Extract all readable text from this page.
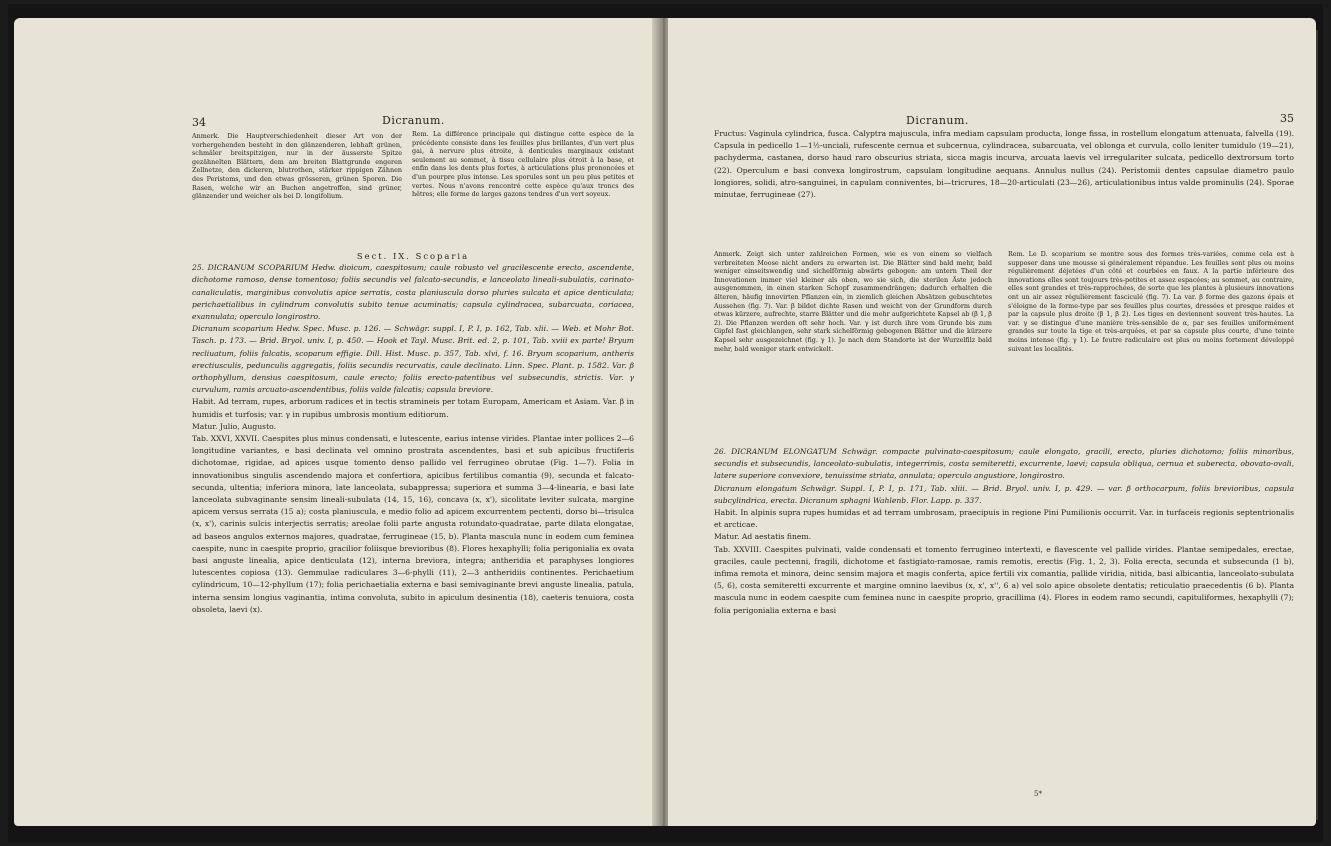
34	Dicranum.

Anmerk. Die Hauptverschiedenheit dieser Art von der vorhergehenden besteht in den glänzenderen, lebhaft grünen, schmäler breitspitzigen, nur in der äusserste Spitze gezähnelten Blättern, dem am breiten Blattgrunde engeren Zellnetze, den dickeren, blutrothen, stärker rippigen Zähnen des Peristoms, und den etwas grösseren, grünen Sporen. Die Rasen, welche wir an Buchen angetroffen, sind grüner, glänzender und weicher als bei D. longifolium.

Rem. La différence principale qui distingue cette espèce de la précédente consiste dans les feuilles plus brillantes, d'un vert plus gai, à nervure plus étroite, à denticules marginaux existant seulement au sommet, à tissu cellulaire plus étroit à la base, et enfin dans les dents plus fortes, à articulations plus prononcées et d'un pourpre plus intense. Les sporules sont un peu plus petites et vertes. Nous n'avons rencontré cette espèce qu'aux troncs des hêtres; elle forme de larges gazons tendres d'un vert soyeux.

Sect. IX. Scoparia

25. DICRANUM SCOPARIUM Hedw. dioicum, caespitosum; caule robusto vel gracilescente erecto, ascendente, dichotome ramoso, dense tomentoso; foliis secundis vel falcato-secundis, e lanceolato lineali-subulatis, carinato-canaliculatis, marginibus convolutis apice serratis, costa planiuscula dorso pluries sulcata et apice denticulata; perichaetialibus in cylindrum convolutis subito tenue acuminatis; capsula cylindracea, subarcuata, coriacea, exannulata; operculo longirostro.

Dicranum scoparium Hedw. Spec. Musc. p. 126. — Schwägr. suppl. I, P. I, p. 162, Tab. xlii. — Web. et Mohr Bot. Tasch. p. 173. — Brid. Bryol. univ. I, p. 450. — Hook et Tayl. Musc. Brit. ed. 2, p. 101, Tab. xviii ex parte! Bryum recliuatum, foliis falcatis, scoparum effigie. Dill. Hist. Musc. p. 357, Tab. xlvi, f. 16. Bryum scoparium, antheris erectiusculis, pedunculis aggregatis, foliis secundis recurvatis, caule declinato. Linn. Spec. Plant. p. 1582. Var. β orthophyllum, densius caespitosum, caule erecto; foliis erecto-patentibus vel subsecundis, strictis. Var. γ curvulum, ramis arcuato-ascendentibus, foliis valde falcatis; capsula breviore.

Habit. Ad terram, rupes, arborum radices et in tectis stramineis per totam Europam, Americam et Asiam. Var. β in humidis et turfosis; var. γ in rupibus umbrosis montium editiorum.

Matur. Julio, Augusto.

Tab. XXVI, XXVII. Caespites plus minus condensati, e lutescente, earius intense virides. Plantae inter pollices 2—6 longitudine variantes, e basi declinata vel omnino prostrata ascendentes, basi et sub apicibus fructiferis dichotomae, rigidae, ad apices usque tomento denso pallido vel ferrugineo obrutae (Fig. 1—7). Folia in innovationibus singulis ascendendo majora et confertiora, apicibus fertilibus comantia (9), secunda et falcato-secunda, ultentia; inferiora minora, late lanceolata, subappressa; superiora et summa 3—4-linearia, e basi late lanceolata subvaginante sensim lineali-subulata (14, 15, 16), concava (x, x'), sicolitate leviter sulcata, margine apicem versus serrata (15 a); costa planiuscula, e medio folio ad apicem excurrentem pectenti, dorso bi—trisulca (x, x'), carinis sulcis interjectis serratis; areolae folii parte angusta rotundato-quadratae, parte dilata elongatae, ad baseos angulos externos majores, quadratae, ferrugineae (15, b). Planta mascula nunc in eodem cum feminea caespite, nunc in caespite proprio, gracilior foliisque brevioribus (8). Flores hexaphylli; folia perigonialia ex ovata basi anguste linealia, apice denticulata (12), interna breviora, integra; antheridia et paraphyses longiores lutescentes copiosa (13). Gemmulae radiculares 3—6-phylli (11), 2—3 antheridiis continentes. Perichaetium cylindricum, 10—12-phyllum (17); folia perichaetialia externa e basi semivaginante brevi anguste linealia, patula, interna sensim longius vaginantia, intima convoluta, subito in apiculum desinentia (18), caeteris tenuiora, costa obsoleta, laevi (x).

Dicranum.	35

Fructus: Vaginula cylindrica, fusca. Calyptra majuscula, infra mediam capsulam producta, longe fissa, in rostellum elongatum attenuata, falvella (19). Capsula in pedicello 1—1½-unciali, rufescente cernua et subcernua, cylindracea, subarcuata, vel oblonga et curvula, collo leniter tumidulo (19—21), pachyderma, castanea, dorso haud raro obscurius striata, sicca magis incurva, arcuata laevis vel irregulariter sulcata, pedicello dextrorsum torto (22). Operculum e basi convexa longirostrum, capsulam longitudine aequans. Annulus nullus (24). Peristomii dentes capsulae diametro paulo longiores, solidi, atro-sanguinei, in capulam conniventes, bi—tricrures, 18—20-articulati (23—26), articulationibus intus valde prominulis (24). Sporae minutae, ferrugineae (27).

Anmerk. Zeigt sich unter zahlreichen Formen, wie es von einem so vielfach verbreiteten Moose nicht anders zu erwarten ist. Die Blätter sind bald mehr, bald weniger einseitswendig und sichelförmig abwärts gebogen: am untern Theil der Innovationen immer viel kleiner als oben, wo sie sich, die sterilen Äste jedoch ausgenommen, in einen starken Schopf zusammendrängen; dadurch erhalten die älteren, häufig innovirten Pflanzen ein, in ziemlich gleichen Absätzen gebuschtetes Aussehen (fig. 7). Var. β bildet dichte Rasen und weicht von der Grundform durch etwas kürzere, aufrechte, starre Blätter und die mehr aufgerichtete Kapsel ab (β 1, β 2). Die Pflanzen werden oft sehr hoch. Var. γ ist durch ihre vom Grunde bis zum Gipfel fast gleichlangen, sehr stark sichelförmig gebogenen Blätter und die kürzere Kapsel sehr ausgezeichnet (fig. γ 1). Je nach dem Standorte ist der Wurzelfilz bald mehr, bald weniger stark entwickelt.

Rem. Le D. scoparium se montre sous des formes très-variées, comme cela est à supposer dans une mousse si généralement répandue. Les feuilles sont plus ou moins régulièrement déjetées d'un côté et courbées en faux. A la partie inférieure des innovations elles sont toujours très-petites et assez espacées; au sommet, au contraire, elles sont grandes et très-rapprochées, de sorte que les plantes à plusieurs innovations ont un air assez régulièrement fasciculé (fig. 7). La var. β forme des gazons épais et s'éloigne de la forme-type par ses feuilles plus courtes, dressées et presque raides et par la capsule plus droite (β 1, β 2). Les tiges en deviennent souvent très-hautes. La var. γ se distingue d'une manière très-sensible de α, par ses feuilles uniformément grandes sur toute la tige et très-arquées, et par sa capsule plus courte, d'une teinte moins intense (fig. γ 1). Le feutre radiculaire est plus ou moins fortement développé suivant les localités.

26. DICRANUM ELONGATUM Schwägr. compacte pulvinato-caespitosum; caule elongato, gracili, erecto, pluries dichotomo; foliis minoribus, secundis et subsecundis, lanceolato-subulatis, integerrimis, costa semiteretti, excurrente, laevi; capsula obliqua, cernua et suberecta, obovato-ovali, latere superiore convexiore, tenuissime striata, annulata; operculo angustiore, longirostro.

Dicranum elongatum Schwägr. Suppl. I, P. I, p. 171, Tab. xliii. — Brid. Bryol. univ. I, p. 429. — var. β orthocarpum, foliis brevioribus, capsula subcylindrica, erecta. Dicranum sphagni Wahlenb. Flor. Lapp. p. 337.

Habit. In alpinis supra rupes humidas et ad terram umbrosam, praecipuis in regione Pini Pumilionis occurrit. Var. in turfaceis regionis septentrionalis et arcticae.

Matur. Ad aestatis finem.

Tab. XXVIII. Caespites pulvinati, valde condensati et tomento ferrugineo intertexti, e flavescente vel pallide virides. Plantae semipedales, erectae, graciles, caule pectenni, fragili, dichotome et fastigiato-ramosae, ramis remotis, erectis (Fig. 1, 2, 3). Folia erecta, secunda et subsecunda (1 b), infima remota et minora, deinc sensim majora et magis conferta, apice fertili vix comantia, pallide viridia, nitida, basi albicantia, lanceolato-subulata (5, 6), costa semiteretti excurrente et margine omnino laevibus (x, x', x'', 6 a) vel solo apice obsolete dentatis; reticulatio praecedentis (6 b). Planta mascula nunc in eodem caespite cum feminea nunc in caespite proprio, gracillima (4). Flores in eodem ramo secundi, capituliformes, hexaphylli (7); folia perigonialia externa e basi

5*
